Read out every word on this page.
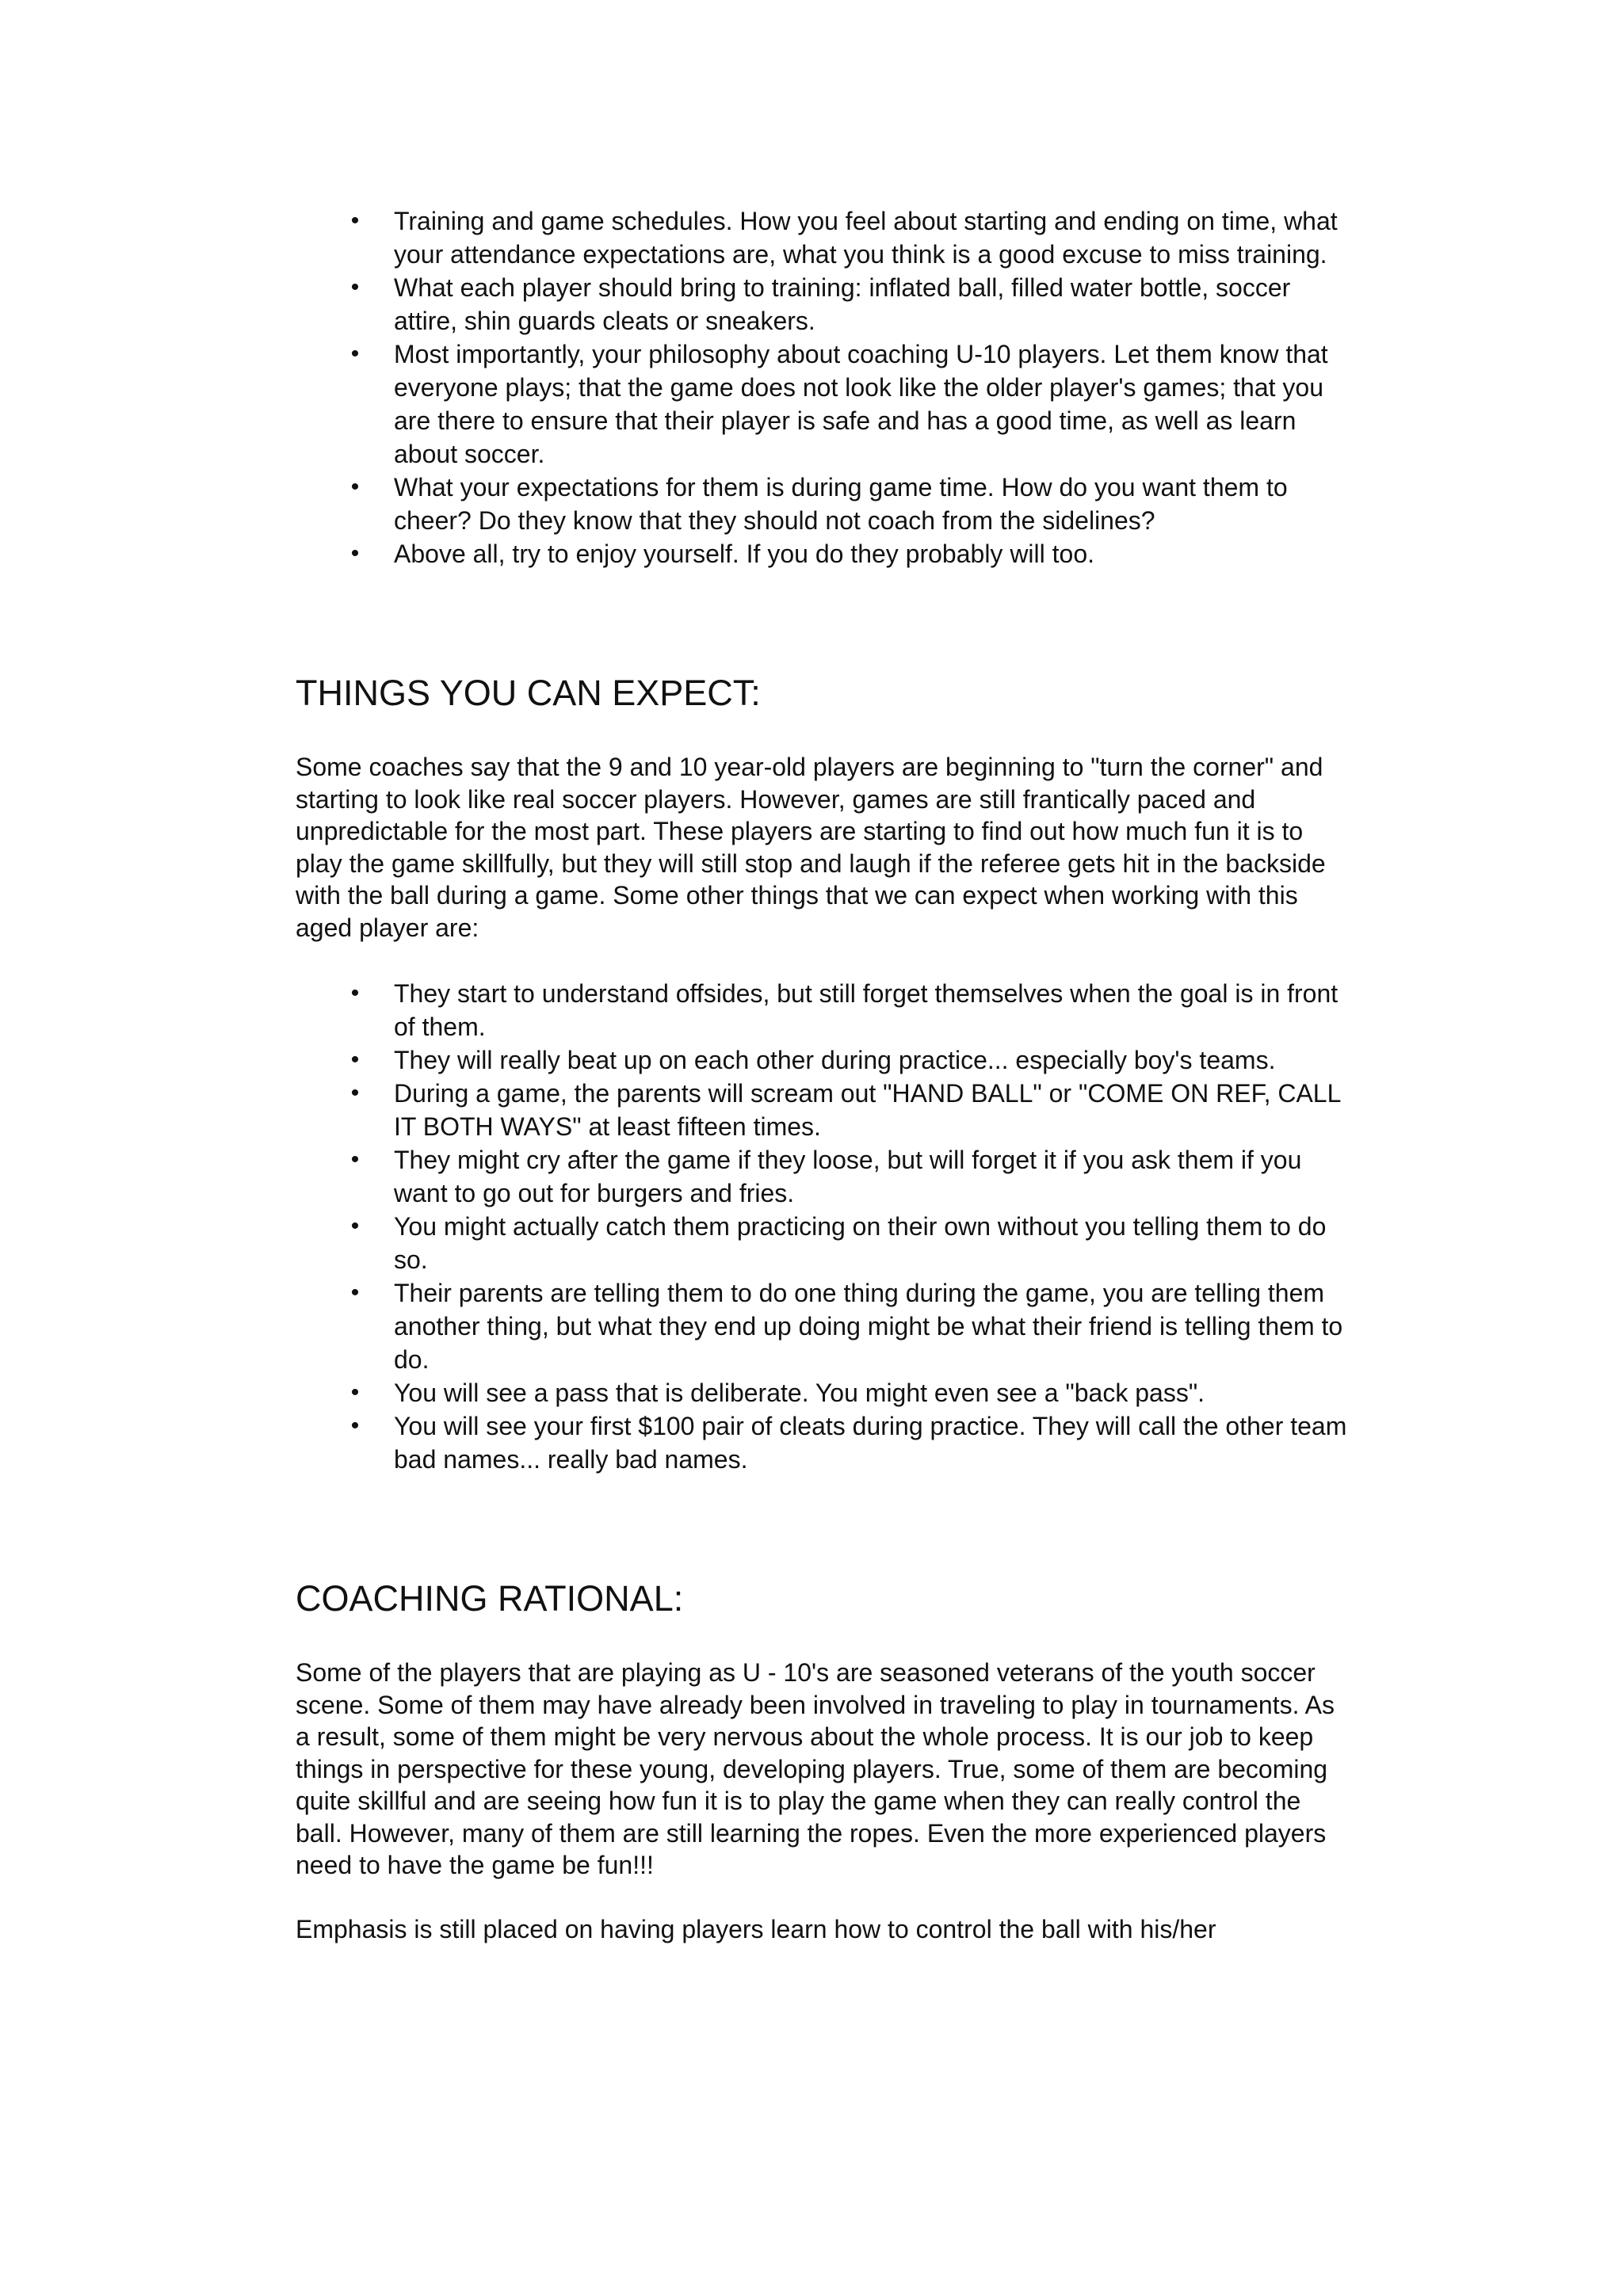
•	Training and game schedules. How you feel about starting and ending on time, what your attendance expectations are, what you think is a good excuse to miss training.
•	What each player should bring to training: inflated ball, filled water bottle, soccer attire, shin guards cleats or sneakers.
•	Most importantly, your philosophy about coaching U-10 players. Let them know that everyone plays; that the game does not look like the older player's games; that you are there to ensure that their player is safe and has a good time, as well as learn about soccer.
•	What your expectations for them is during game time. How do you want them to cheer? Do they know that they should not coach from the sidelines?
•	Above all, try to enjoy yourself. If you do they probably will too.
THINGS YOU CAN EXPECT:

Some coaches say that the 9 and 10 year-old players are beginning to "turn the corner" and starting to look like real soccer players. However, games are still frantically paced and unpredictable for the most part. These players are starting to find out how much fun it is to play the game skillfully, but they will still stop and laugh if the referee gets hit in the backside with the ball during a game. Some other things that we can expect when working with this aged player are:

•	They start to understand offsides, but still forget themselves when the goal is in front of them.
•	They will really beat up on each other during practice... especially boy's teams.
•	During a game, the parents will scream out "HAND BALL" or "COME ON REF, CALL IT BOTH WAYS" at least fifteen times.
•	They might cry after the game if they loose, but will forget it if you ask them if you want to go out for burgers and fries.
•	You might actually catch them practicing on their own without you telling them to do so.
•	Their parents are telling them to do one thing during the game, you are telling them another thing, but what they end up doing might be what their friend is telling them to do.
•	You will see a pass that is deliberate. You might even see a "back pass".
•	You will see your first $100 pair of cleats during practice. They will call the other team bad names... really bad names.
COACHING RATIONAL:

Some of the players that are playing as U - 10's are seasoned veterans of the youth soccer scene. Some of them may have already been involved in traveling to play in tournaments. As a result, some of them might be very nervous about the whole process. It is our job to keep things in perspective for these young, developing players. True, some of them are becoming quite skillful and are seeing how fun it is to play the game when they can really control the ball. However, many of them are still learning the ropes. Even the more experienced players need to have the game be fun!!!

Emphasis is still placed on having players learn how to control the ball with his/her
